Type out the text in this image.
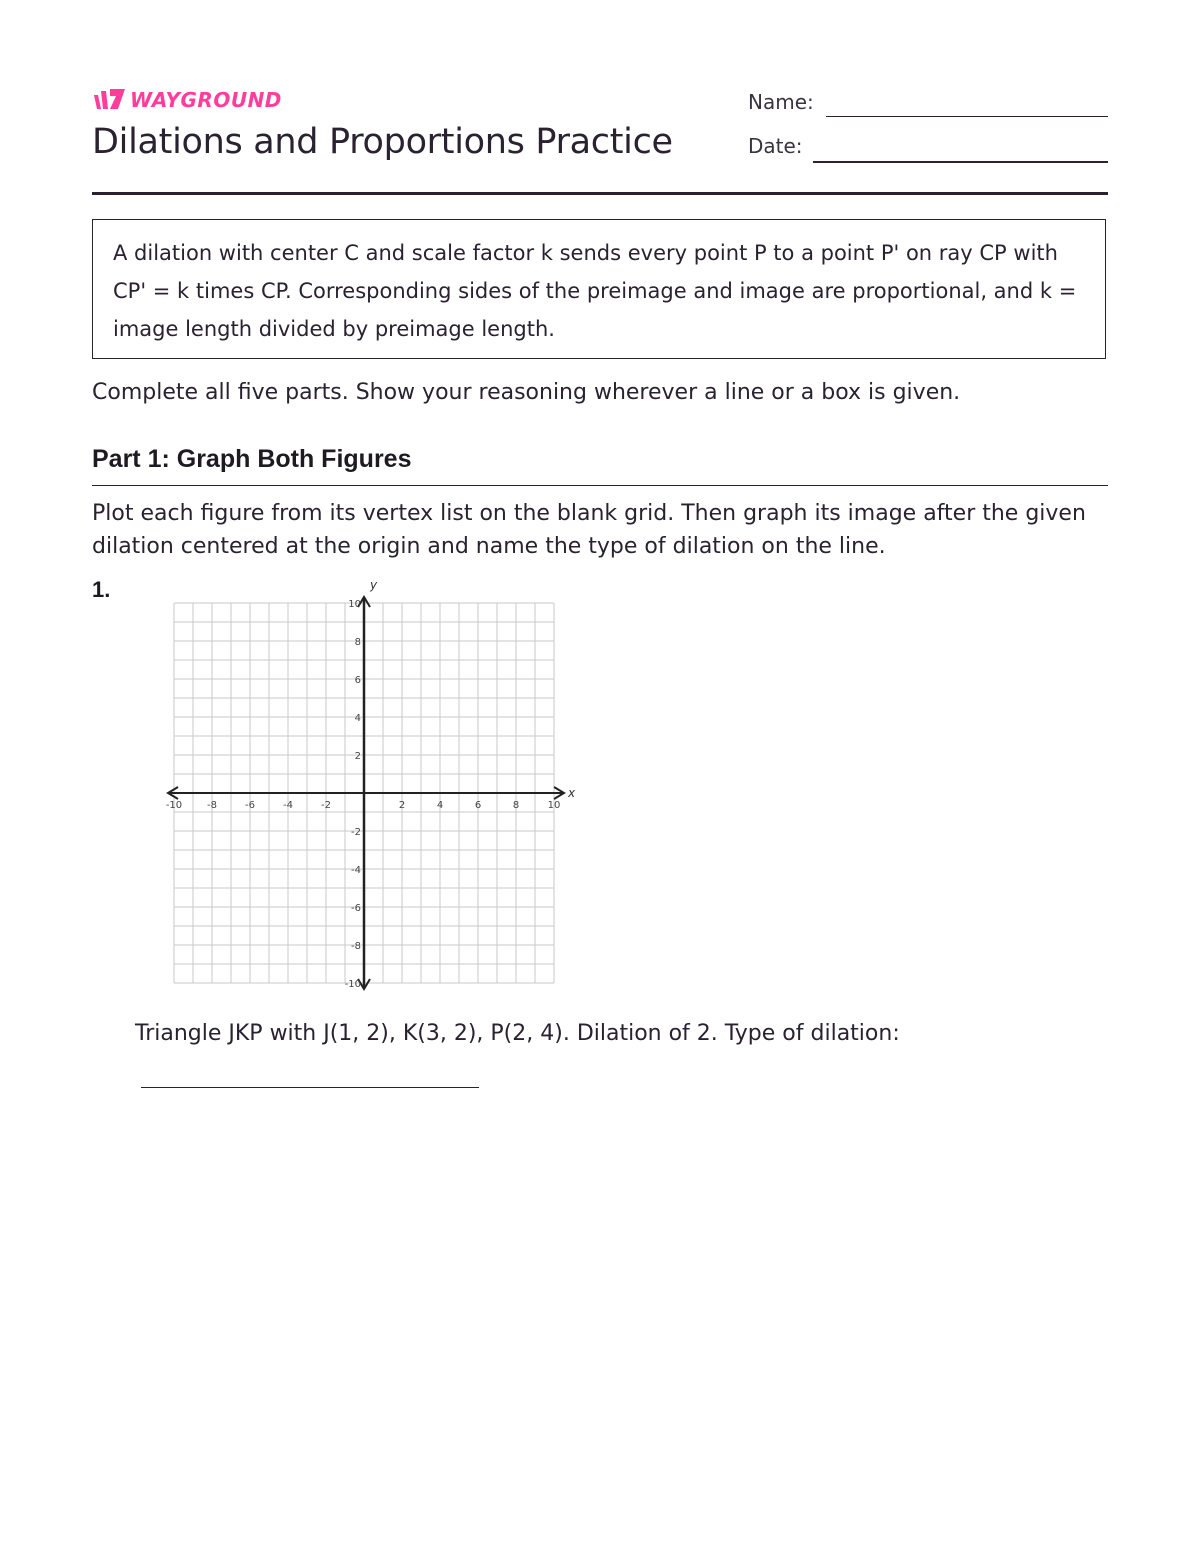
WAYGROUND
Dilations and Proportions Practice
Name:
Date:
A dilation with center C and scale factor k sends every point P to a point P' on ray CP with CP' = k times CP. Corresponding sides of the preimage and image are proportional, and k = image length divided by preimage length.
Complete all five parts. Show your reasoning wherever a line or a box is given.
Part 1: Graph Both Figures
Plot each figure from its vertex list on the blank grid. Then graph its image after the given dilation centered at the origin and name the type of dilation on the line.
1.
x
y
-10 -8	-6	-4	-2	2	4	6	8	10
10
8
6
4
2
-2
-4
-6
-8
-10
Triangle JKP with J(1, 2), K(3, 2), P(2, 4). Dilation of 2. Type of dilation:
